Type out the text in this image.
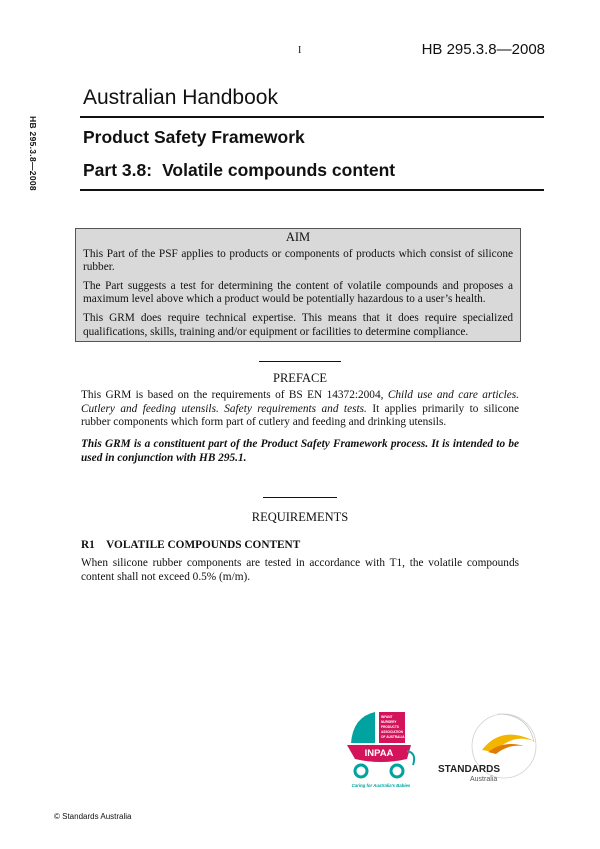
I	HB 295.3.8—2008
HB 295.3.8—2008
Australian Handbook
Product Safety Framework
Part 3.8: Volatile compounds content
AIM

This Part of the PSF applies to products or components of products which consist of silicone rubber.

The Part suggests a test for determining the content of volatile compounds and proposes a maximum level above which a product would be potentially hazardous to a user’s health.

This GRM does require technical expertise. This means that it does require specialized qualifications, skills, training and/or equipment or facilities to determine compliance.

PREFACE
This GRM is based on the requirements of BS EN 14372:2004, Child use and care articles. Cutlery and feeding utensils. Safety requirements and tests. It applies primarily to silicone rubber components which form part of cutlery and feeding and drinking utensils.
This GRM is a constituent part of the Product Safety Framework process. It is intended to be used in conjunction with HB 295.1.
REQUIREMENTS
R1 VOLATILE COMPOUNDS CONTENT
When silicone rubber components are tested in accordance with T1, the volatile compounds content shall not exceed 0.5% (m/m).
INFANT
NURSERY
PRODUCTS
ASSOCIATION
OF AUSTRALIA
INPAA
Caring for Australia's Babies
STANDARDS
Australia
© Standards Australia
